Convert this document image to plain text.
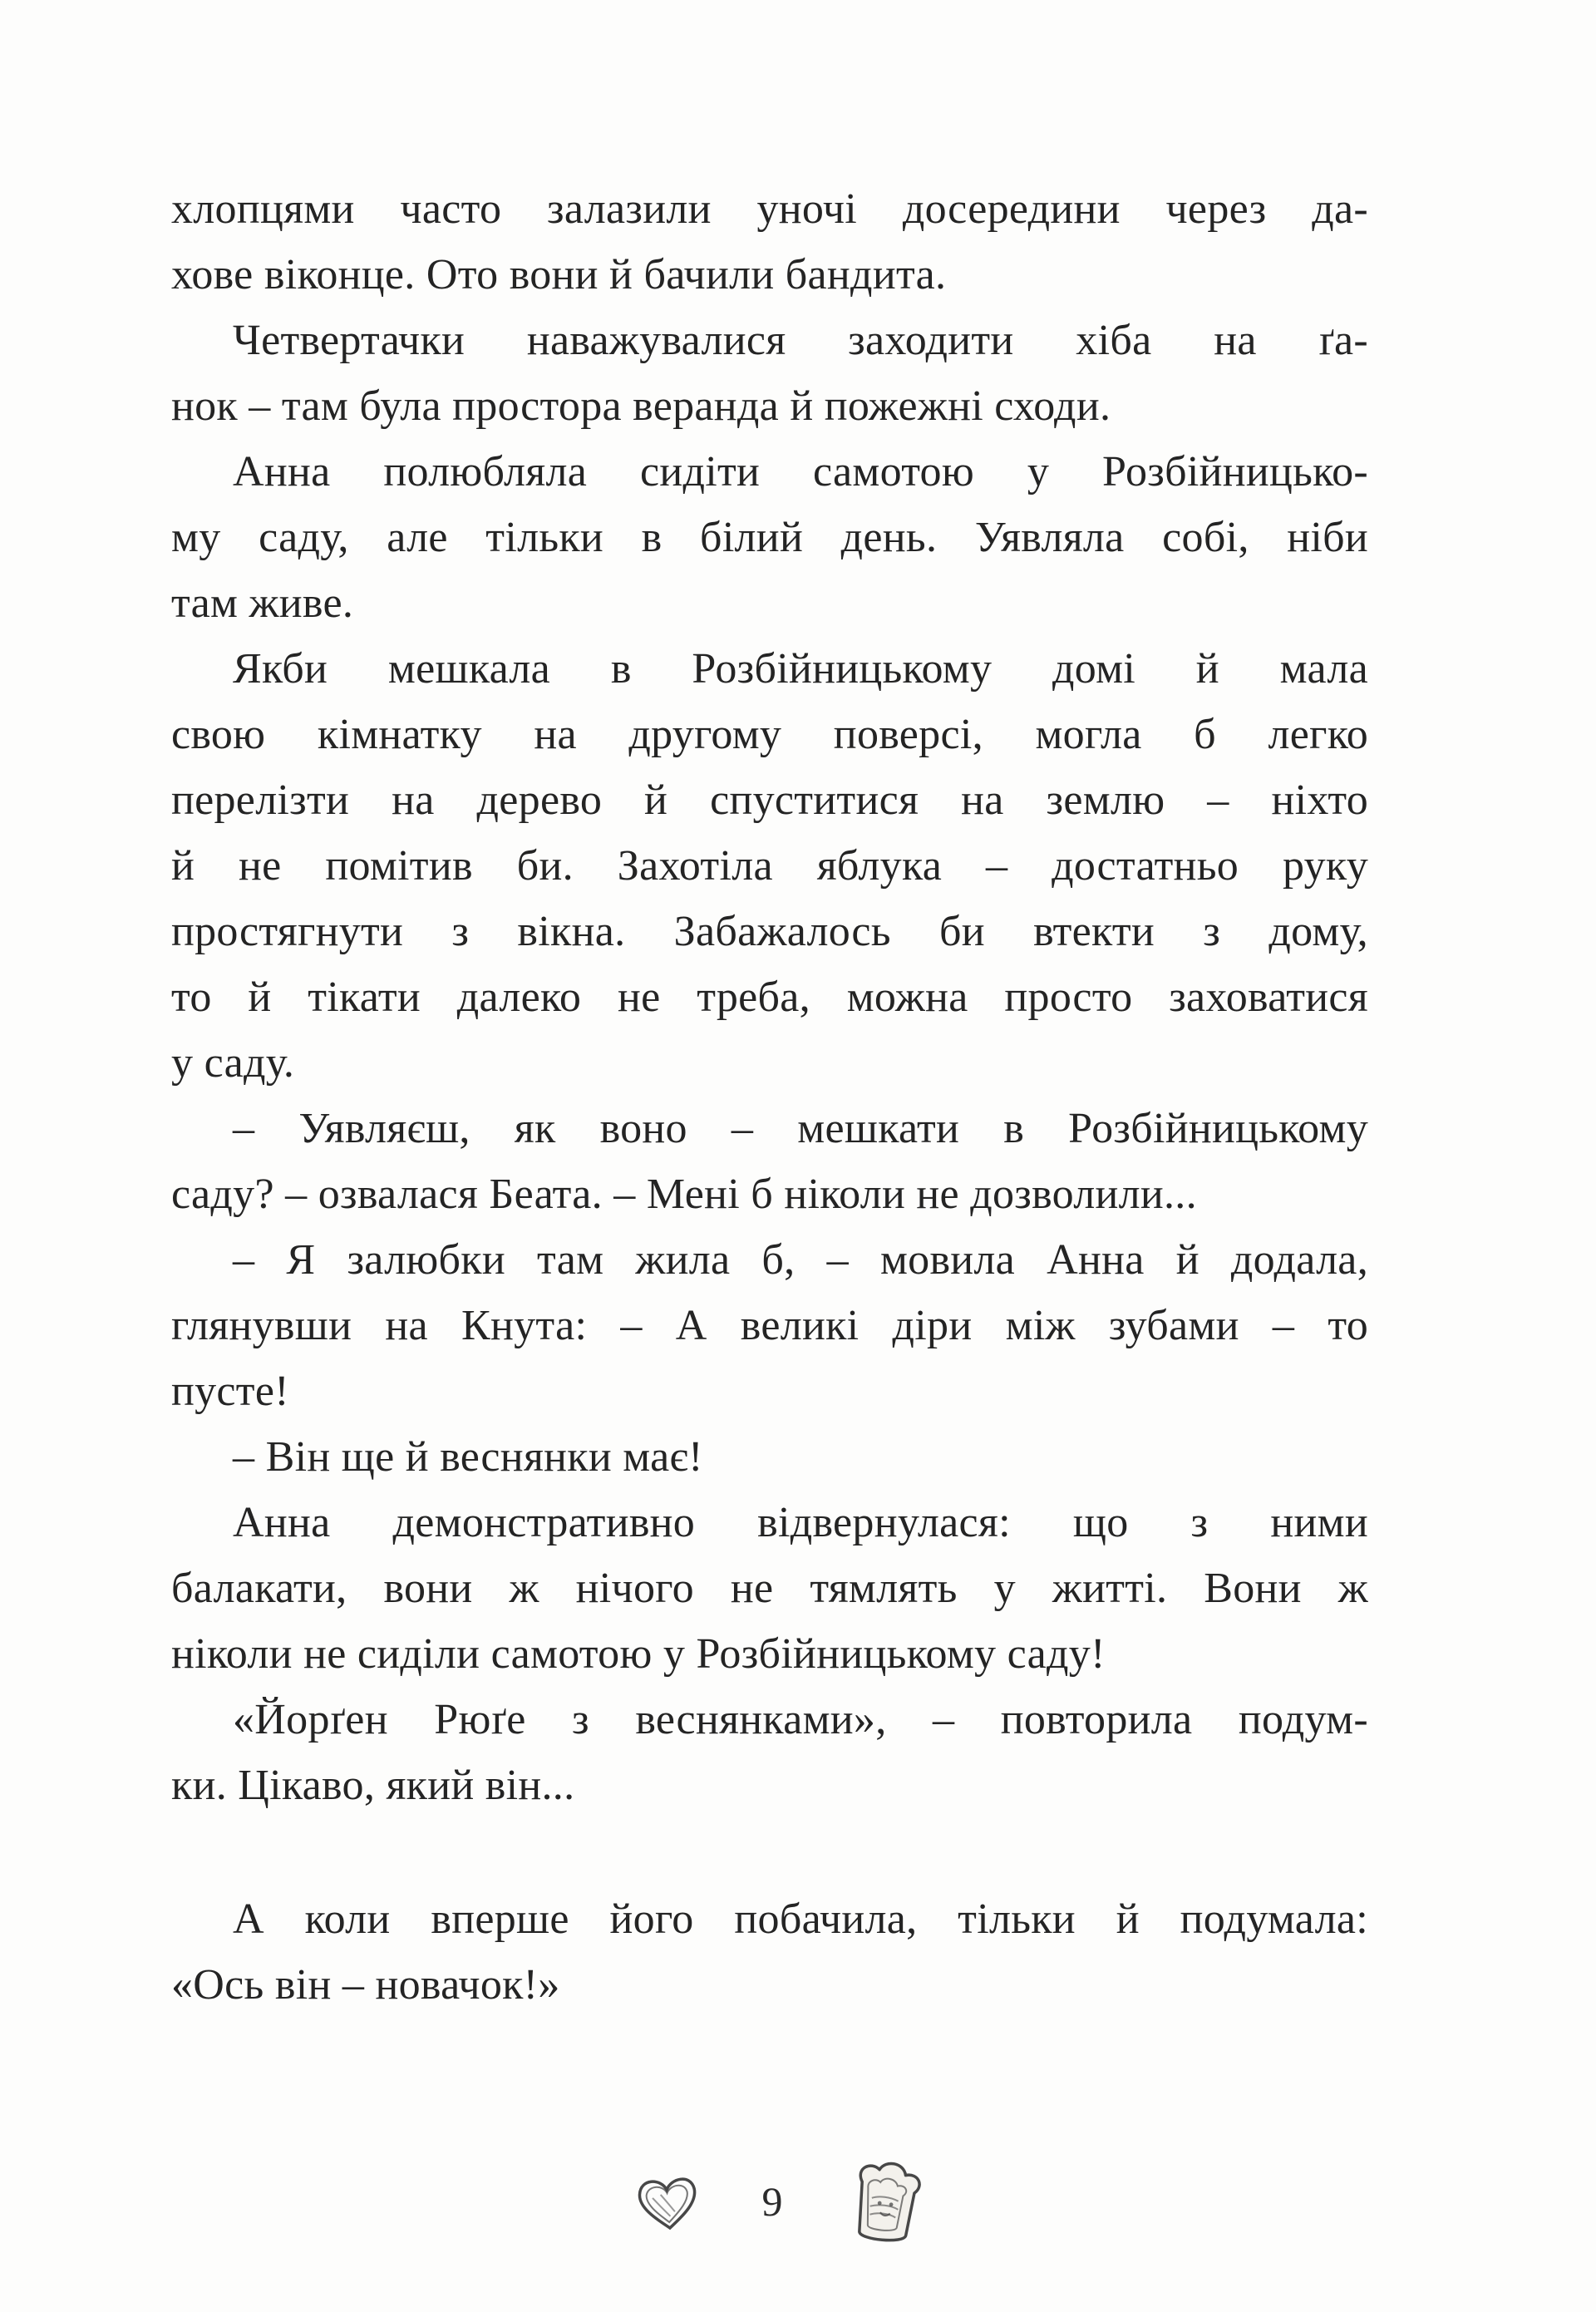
хлопцями часто залазили уночі досередини через да-
хове віконце. Ото вони й бачили бандита.
Четвертачки наважувалися заходити хіба на ґа-
нок – там була простора веранда й пожежні сходи.
Анна полюбляла сидіти самотою у Розбійницько-
му саду, але тільки в білий день. Уявляла собі, ніби
там живе.
Якби мешкала в Розбійницькому домі й мала
свою кімнатку на другому поверсі, могла б легко
перелізти на дерево й спуститися на землю – ніхто
й не помітив би. Захотіла яблука – достатньо руку
простягнути з вікна. Забажалось би втекти з дому,
то й тікати далеко не треба, можна просто заховатися
у саду.
– Уявляєш, як воно – мешкати в Розбійницькому
саду? – озвалася Беата. – Мені б ніколи не дозволили...
– Я залюбки там жила б, – мовила Анна й додала,
глянувши на Кнута: – А великі діри між зубами – то
пусте!
– Він ще й веснянки має!
Анна демонстративно відвернулася: що з ними
балакати, вони ж нічого не тямлять у житті. Вони ж
ніколи не сиділи самотою у Розбійницькому саду!
«Йорґен Рюґе з веснянками», – повторила подум-
ки. Цікаво, який він...
А коли вперше його побачила, тільки й подумала:
«Ось він – новачок!»
9
